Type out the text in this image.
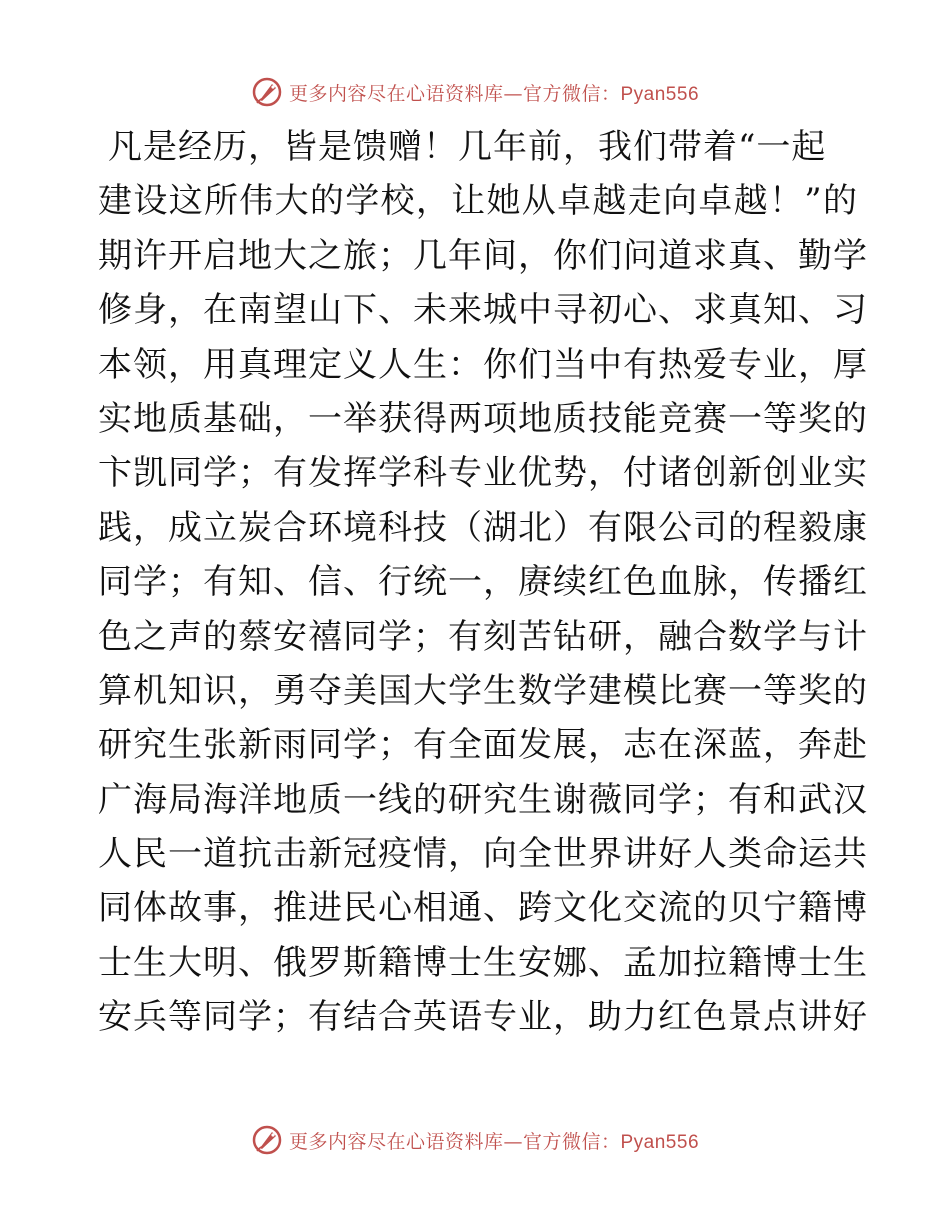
更多内容尽在心语资料库—官方微信：Pyan556
凡是经历，皆是馈赠！几年前，我们带着“一起
建设这所伟大的学校，让她从卓越走向卓越！”的
期许开启地大之旅；几年间，你们问道求真、勤学
修身，在南望山下、未来城中寻初心、求真知、习
本领，用真理定义人生：你们当中有热爱专业，厚
实地质基础，一举获得两项地质技能竞赛一等奖的
卞凯同学；有发挥学科专业优势，付诸创新创业实
践，成立炭合环境科技（湖北）有限公司的程毅康
同学；有知、信、行统一，赓续红色血脉，传播红
色之声的蔡安禧同学；有刻苦钻研，融合数学与计
算机知识，勇夺美国大学生数学建模比赛一等奖的
研究生张新雨同学；有全面发展，志在深蓝，奔赴
广海局海洋地质一线的研究生谢薇同学；有和武汉
人民一道抗击新冠疫情，向全世界讲好人类命运共
同体故事，推进民心相通、跨文化交流的贝宁籍博
士生大明、俄罗斯籍博士生安娜、孟加拉籍博士生
安兵等同学；有结合英语专业，助力红色景点讲好
更多内容尽在心语资料库—官方微信：Pyan556
